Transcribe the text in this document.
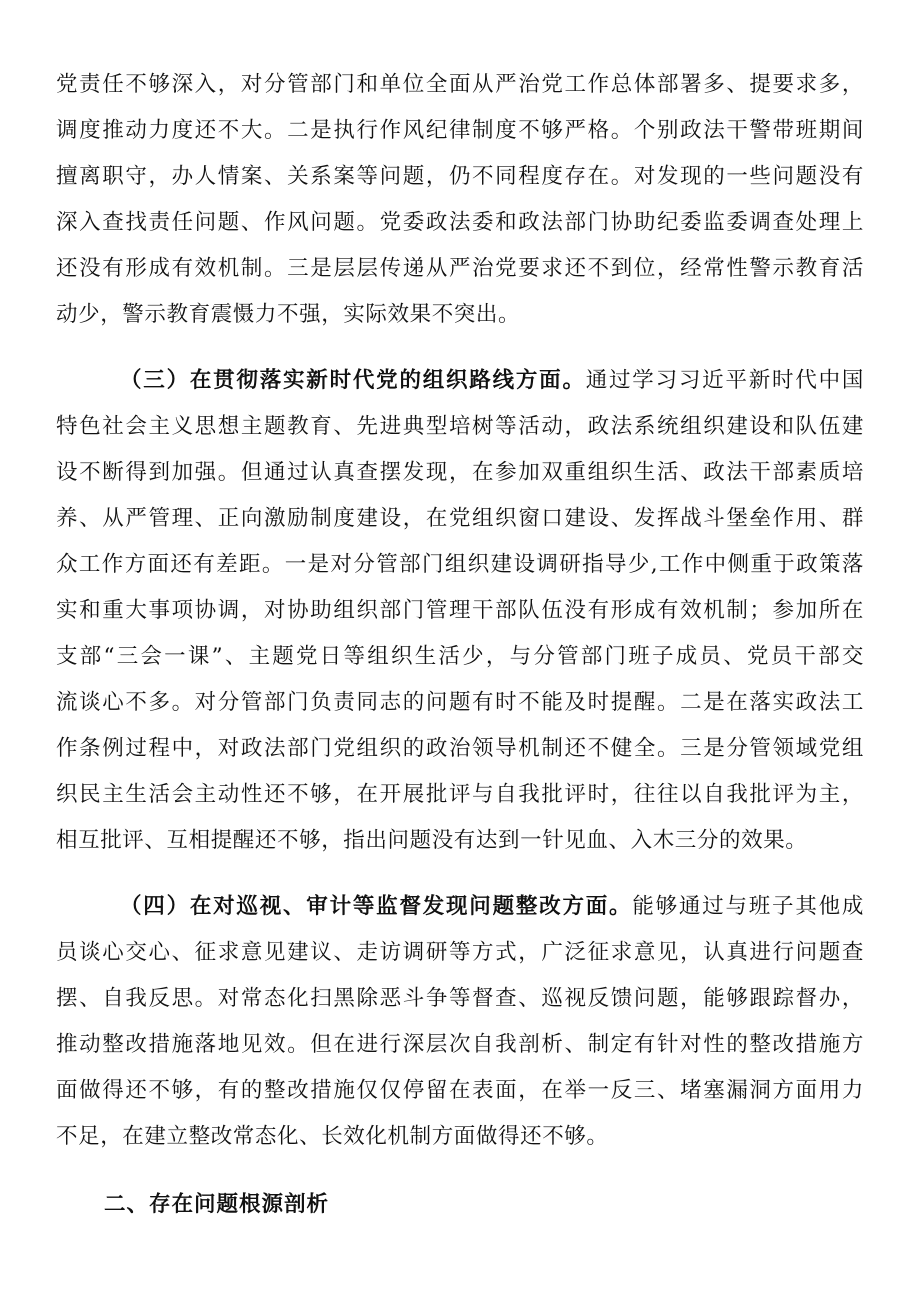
党责任不够深入，对分管部门和单位全面从严治党工作总体部署多、提要求多，
调度推动力度还不大。二是执行作风纪律制度不够严格。个别政法干警带班期间
擅离职守，办人情案、关系案等问题，仍不同程度存在。对发现的一些问题没有
深入查找责任问题、作风问题。党委政法委和政法部门协助纪委监委调查处理上
还没有形成有效机制。三是层层传递从严治党要求还不到位，经常性警示教育活
动少，警示教育震慑力不强，实际效果不突出。
（三）在贯彻落实新时代党的组织路线方面。通过学习习近平新时代中国
特色社会主义思想主题教育、先进典型培树等活动，政法系统组织建设和队伍建
设不断得到加强。但通过认真查摆发现，在参加双重组织生活、政法干部素质培
养、从严管理、正向激励制度建设，在党组织窗口建设、发挥战斗堡垒作用、群
众工作方面还有差距。一是对分管部门组织建设调研指导少,工作中侧重于政策落
实和重大事项协调，对协助组织部门管理干部队伍没有形成有效机制；参加所在
支部“三会一课”、主题党日等组织生活少，与分管部门班子成员、党员干部交
流谈心不多。对分管部门负责同志的问题有时不能及时提醒。二是在落实政法工
作条例过程中，对政法部门党组织的政治领导机制还不健全。三是分管领域党组
织民主生活会主动性还不够，在开展批评与自我批评时，往往以自我批评为主，
相互批评、互相提醒还不够，指出问题没有达到一针见血、入木三分的效果。
（四）在对巡视、审计等监督发现问题整改方面。能够通过与班子其他成
员谈心交心、征求意见建议、走访调研等方式，广泛征求意见，认真进行问题查
摆、自我反思。对常态化扫黑除恶斗争等督查、巡视反馈问题，能够跟踪督办，
推动整改措施落地见效。但在进行深层次自我剖析、制定有针对性的整改措施方
面做得还不够，有的整改措施仅仅停留在表面，在举一反三、堵塞漏洞方面用力
不足，在建立整改常态化、长效化机制方面做得还不够。
二、存在问题根源剖析
